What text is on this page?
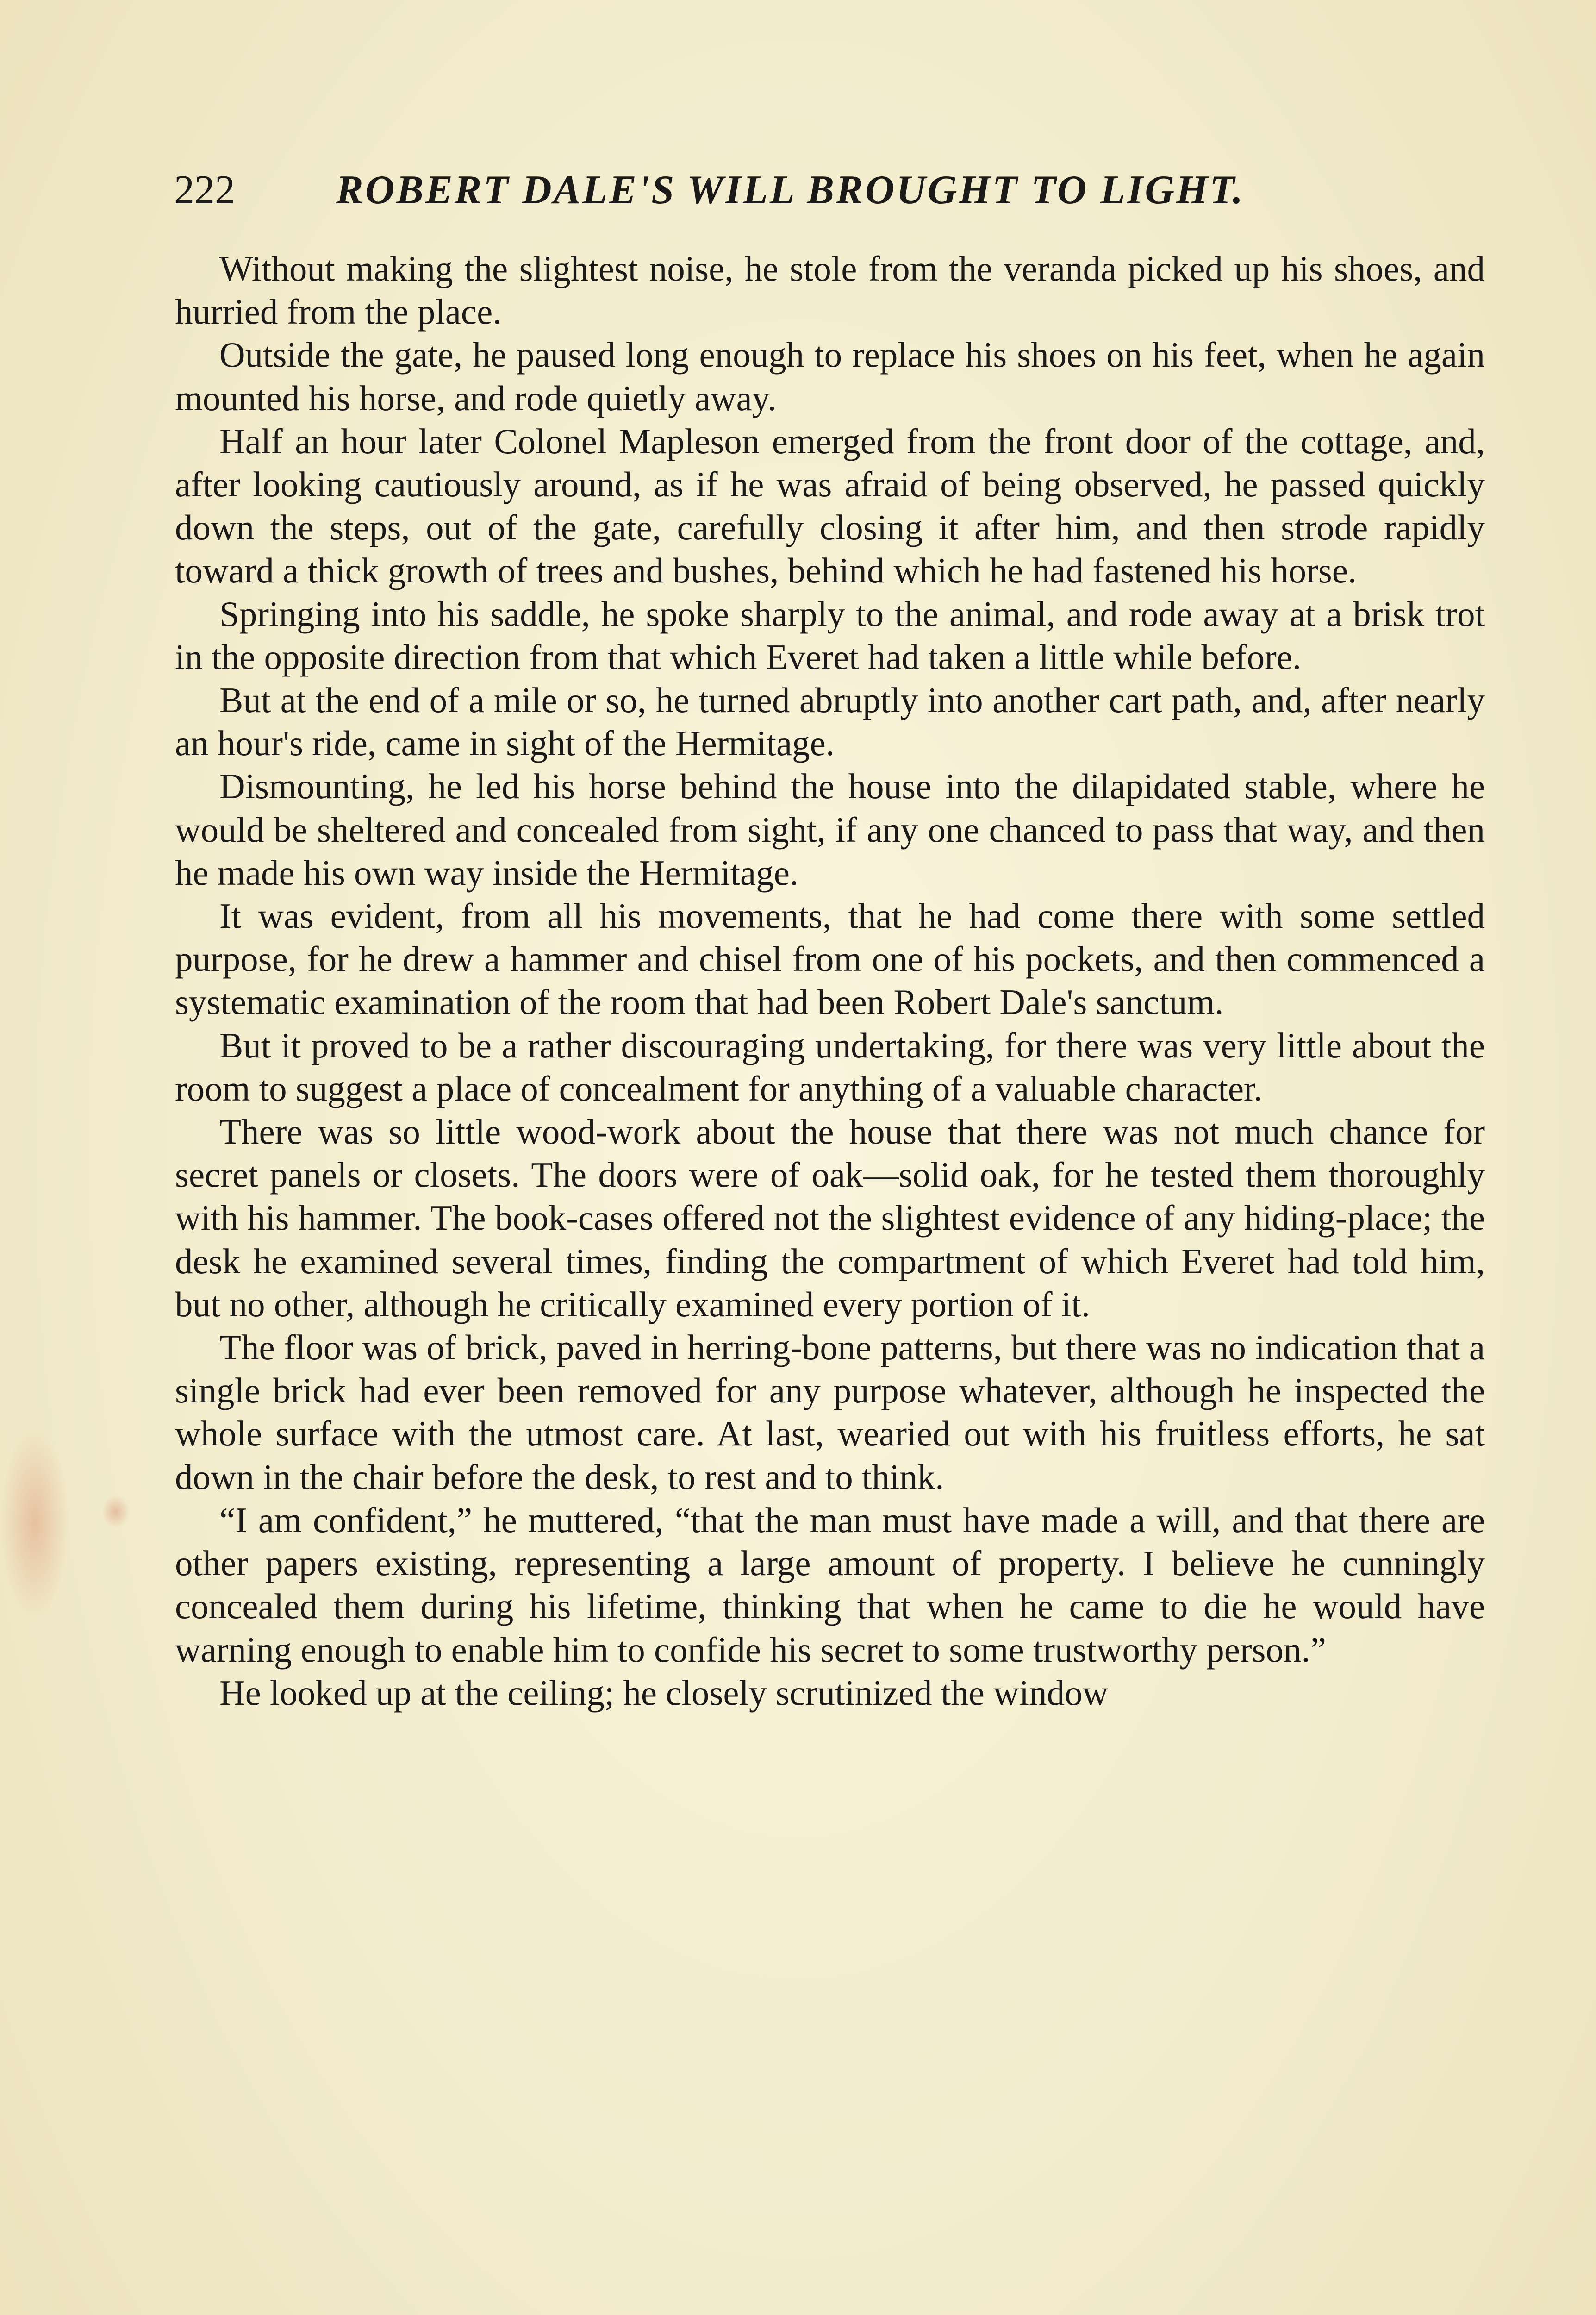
222 ROBERT DALE'S WILL BROUGHT TO LIGHT.

Without making the slightest noise, he stole from the veranda picked up his shoes, and hurried from the place.

Outside the gate, he paused long enough to replace his shoes on his feet, when he again mounted his horse, and rode quietly away.

Half an hour later Colonel Mapleson emerged from the front door of the cottage, and, after looking cautiously around, as if he was afraid of being observed, he passed quickly down the steps, out of the gate, carefully closing it after him, and then strode rapidly toward a thick growth of trees and bushes, behind which he had fastened his horse.

Springing into his saddle, he spoke sharply to the animal, and rode away at a brisk trot in the opposite direction from that which Everet had taken a little while before.

But at the end of a mile or so, he turned abruptly into another cart path, and, after nearly an hour's ride, came in sight of the Hermitage.

Dismounting, he led his horse behind the house into the dilapidated stable, where he would be sheltered and concealed from sight, if any one chanced to pass that way, and then he made his own way inside the Hermitage.

It was evident, from all his movements, that he had come there with some settled purpose, for he drew a hammer and chisel from one of his pockets, and then commenced a systematic examination of the room that had been Robert Dale's sanctum.

But it proved to be a rather discouraging undertaking, for there was very little about the room to suggest a place of concealment for anything of a valuable character.

There was so little wood-work about the house that there was not much chance for secret panels or closets. The doors were of oak—solid oak, for he tested them thoroughly with his hammer. The book-cases offered not the slightest evidence of any hiding-place; the desk he examined several times, finding the compartment of which Everet had told him, but no other, although he critically examined every portion of it.

The floor was of brick, paved in herring-bone patterns, but there was no indication that a single brick had ever been removed for any purpose whatever, although he inspected the whole surface with the utmost care. At last, wearied out with his fruitless efforts, he sat down in the chair before the desk, to rest and to think.

“I am confident,” he muttered, “that the man must have made a will, and that there are other papers existing, representing a large amount of property. I believe he cunningly concealed them during his lifetime, thinking that when he came to die he would have warning enough to enable him to confide his secret to some trustworthy person.”

He looked up at the ceiling; he closely scrutinized the window
